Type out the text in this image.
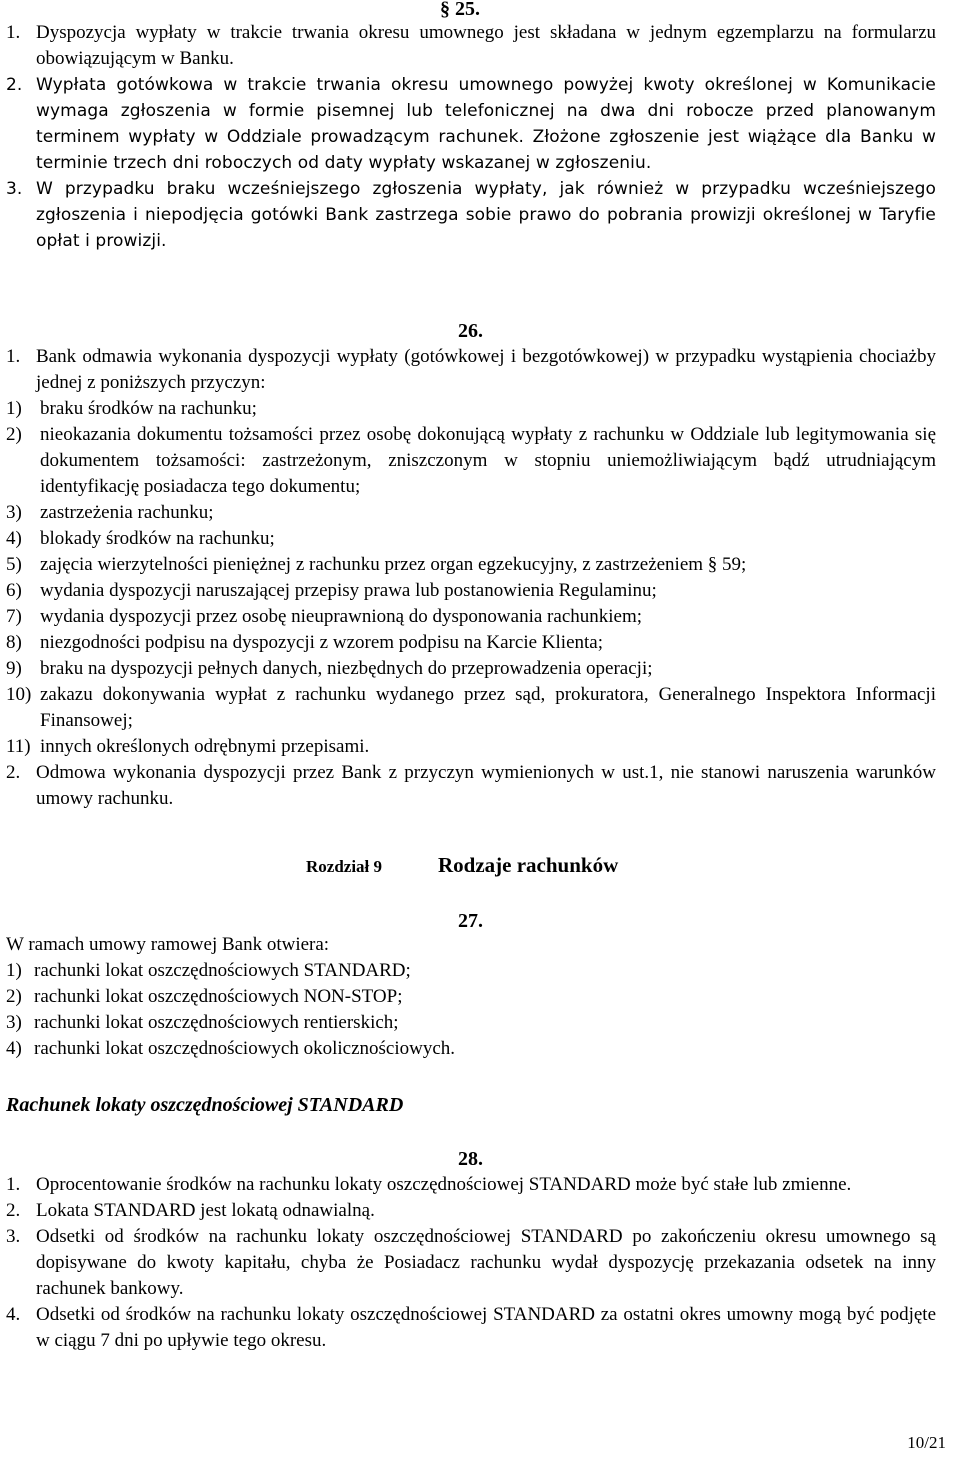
§ 25.
1. Dyspozycja wypłaty w trakcie trwania okresu umownego jest składana w jednym egzemplarzu na formularzu obowiązującym w Banku.

2. Wypłata gotówkowa w trakcie trwania okresu umownego powyżej kwoty określonej w Komunikacie wymaga zgłoszenia w formie pisemnej lub telefonicznej na dwa dni robocze przed planowanym terminem wypłaty w Oddziale prowadzącym rachunek. Złożone zgłoszenie jest wiążące dla Banku w terminie trzech dni roboczych od daty wypłaty wskazanej w zgłoszeniu.

3. W przypadku braku wcześniejszego zgłoszenia wypłaty, jak również w przypadku wcześniejszego zgłoszenia i niepodjęcia gotówki Bank zastrzega sobie prawo do pobrania prowizji określonej w Taryfie opłat i prowizji.

26.
1. Bank odmawia wykonania dyspozycji wypłaty (gotówkowej i bezgotówkowej) w przypadku wystąpienia chociażby jednej z poniższych przyczyn:

1) braku środków na rachunku;

2) nieokazania dokumentu tożsamości przez osobę dokonującą wypłaty z rachunku w Oddziale lub legitymowania się dokumentem tożsamości: zastrzeżonym, zniszczonym w stopniu uniemożliwiającym bądź utrudniającym identyfikację posiadacza tego dokumentu;

3) zastrzeżenia rachunku;

4) blokady środków na rachunku;

5) zajęcia wierzytelności pieniężnej z rachunku przez organ egzekucyjny, z zastrzeżeniem § 59;

6) wydania dyspozycji naruszającej przepisy prawa lub postanowienia Regulaminu;

7) wydania dyspozycji przez osobę nieuprawnioną do dysponowania rachunkiem;

8) niezgodności podpisu na dyspozycji z wzorem podpisu na Karcie Klienta;

9) braku na dyspozycji pełnych danych, niezbędnych do przeprowadzenia operacji;

10) zakazu dokonywania wypłat z rachunku wydanego przez sąd, prokuratora, Generalnego Inspektora Informacji Finansowej;

11) innych określonych odrębnymi przepisami.

2. Odmowa wykonania dyspozycji przez Bank z przyczyn wymienionych w ust.1, nie stanowi naruszenia warunków umowy rachunku.

Rozdział 9	Rodzaje rachunków
27.

W ramach umowy ramowej Bank otwiera:

1) rachunki lokat oszczędnościowych STANDARD;

2) rachunki lokat oszczędnościowych NON-STOP;

3) rachunki lokat oszczędnościowych rentierskich;

4) rachunki lokat oszczędnościowych okolicznościowych.

Rachunek lokaty oszczędnościowej STANDARD
28.
1. Oprocentowanie środków na rachunku lokaty oszczędnościowej STANDARD może być stałe lub zmienne.

2. Lokata STANDARD jest lokatą odnawialną.

3. Odsetki od środków na rachunku lokaty oszczędnościowej STANDARD po zakończeniu okresu umownego są dopisywane do kwoty kapitału, chyba że Posiadacz rachunku wydał dyspozycję przekazania odsetek na inny rachunek bankowy.

4. Odsetki od środków na rachunku lokaty oszczędnościowej STANDARD za ostatni okres umowny mogą być podjęte w ciągu 7 dni po upływie tego okresu.

10/21
